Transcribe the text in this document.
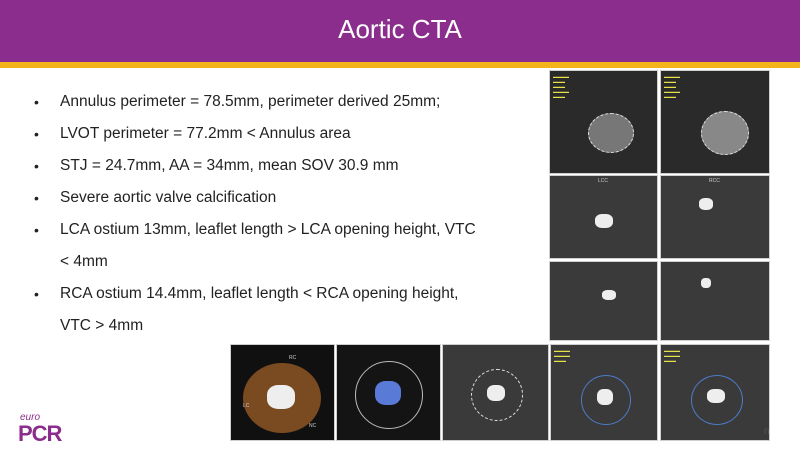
Aortic CTA
• Annulus perimeter = 78.5mm, perimeter derived 25mm;
• LVOT perimeter = 77.2mm < Annulus area
• STJ = 24.7mm, AA = 34mm, mean SOV 30.9 mm
• Severe aortic valve calcification
• LCA ostium 13mm, leaflet length > LCA opening height, VTC
< 4mm
• RCA ostium 14.4mm, leaflet length < RCA opening height,
VTC > 4mm
▬▬▬▬
▬▬▬
▬▬▬
▬▬▬▬
▬▬▬
▬▬▬▬
▬▬▬
▬▬▬
▬▬▬▬
▬▬▬
LCC	RCC
RC
LC
NC
▬▬▬▬
▬▬▬▬
▬▬▬
▬▬▬▬
▬▬▬▬
▬▬▬
euro
PCR	n
